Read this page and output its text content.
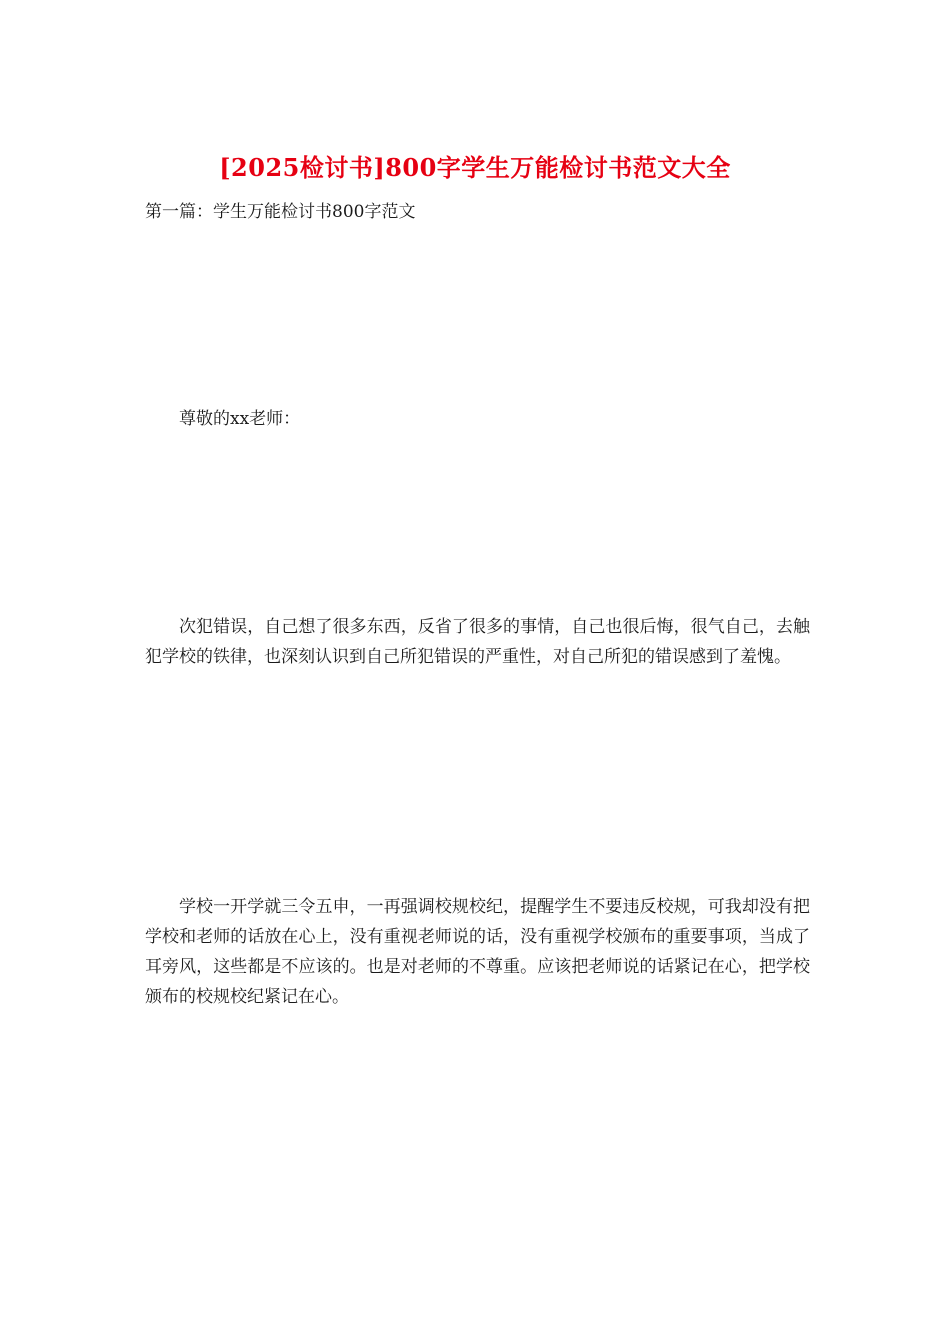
[2025检讨书]800字学生万能检讨书范文大全
第一篇：学生万能检讨书800字范文

尊敬的xx老师：

次犯错误，自己想了很多东西，反省了很多的事情，自己也很后悔，很气自己，去触犯学校的铁律，也深刻认识到自己所犯错误的严重性，对自己所犯的错误感到了羞愧。

学校一开学就三令五申，一再强调校规校纪，提醒学生不要违反校规，可我却没有把学校和老师的话放在心上，没有重视老师说的话，没有重视学校颁布的重要事项，当成了耳旁风，这些都是不应该的。也是对老师的不尊重。应该把老师说的话紧记在心，把学校颁布的校规校纪紧记在心。
